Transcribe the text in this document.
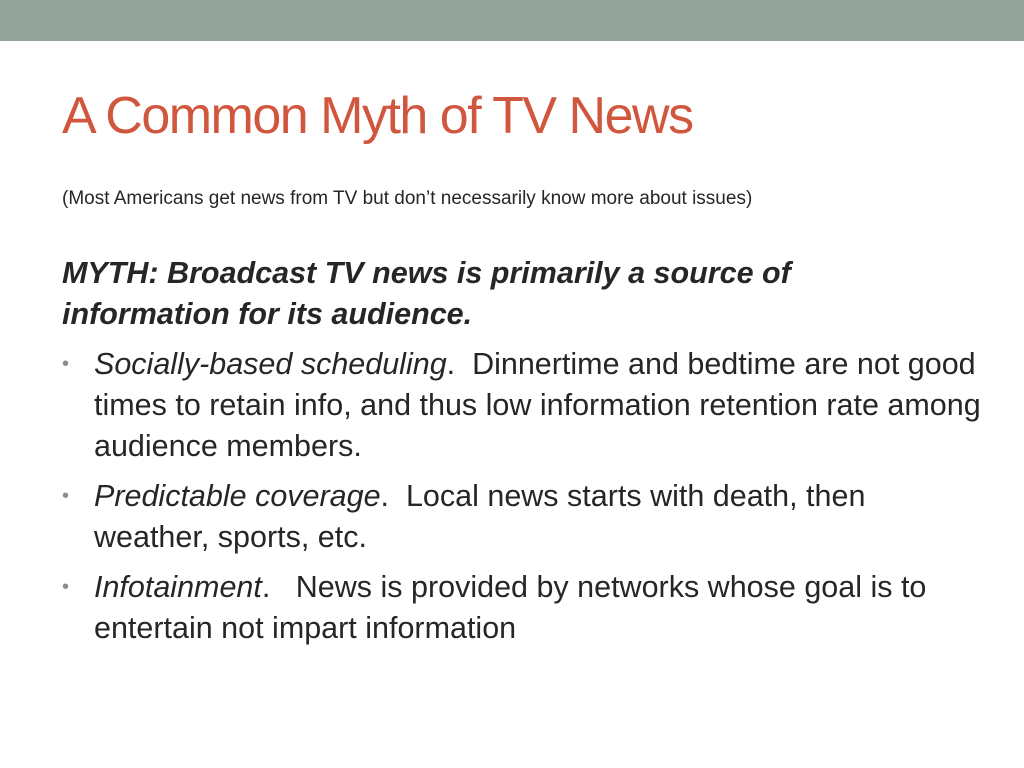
A Common Myth of TV News

(Most Americans get news from TV but don’t necessarily know more about issues)

MYTH: Broadcast TV news is primarily a source of information for its audience.

• Socially-based scheduling.  Dinnertime and bedtime are not good times to retain info, and thus low information retention rate among audience members.
• Predictable coverage.  Local news starts with death, then weather, sports, etc.
• Infotainment.   News is provided by networks whose goal is to entertain not impart information
